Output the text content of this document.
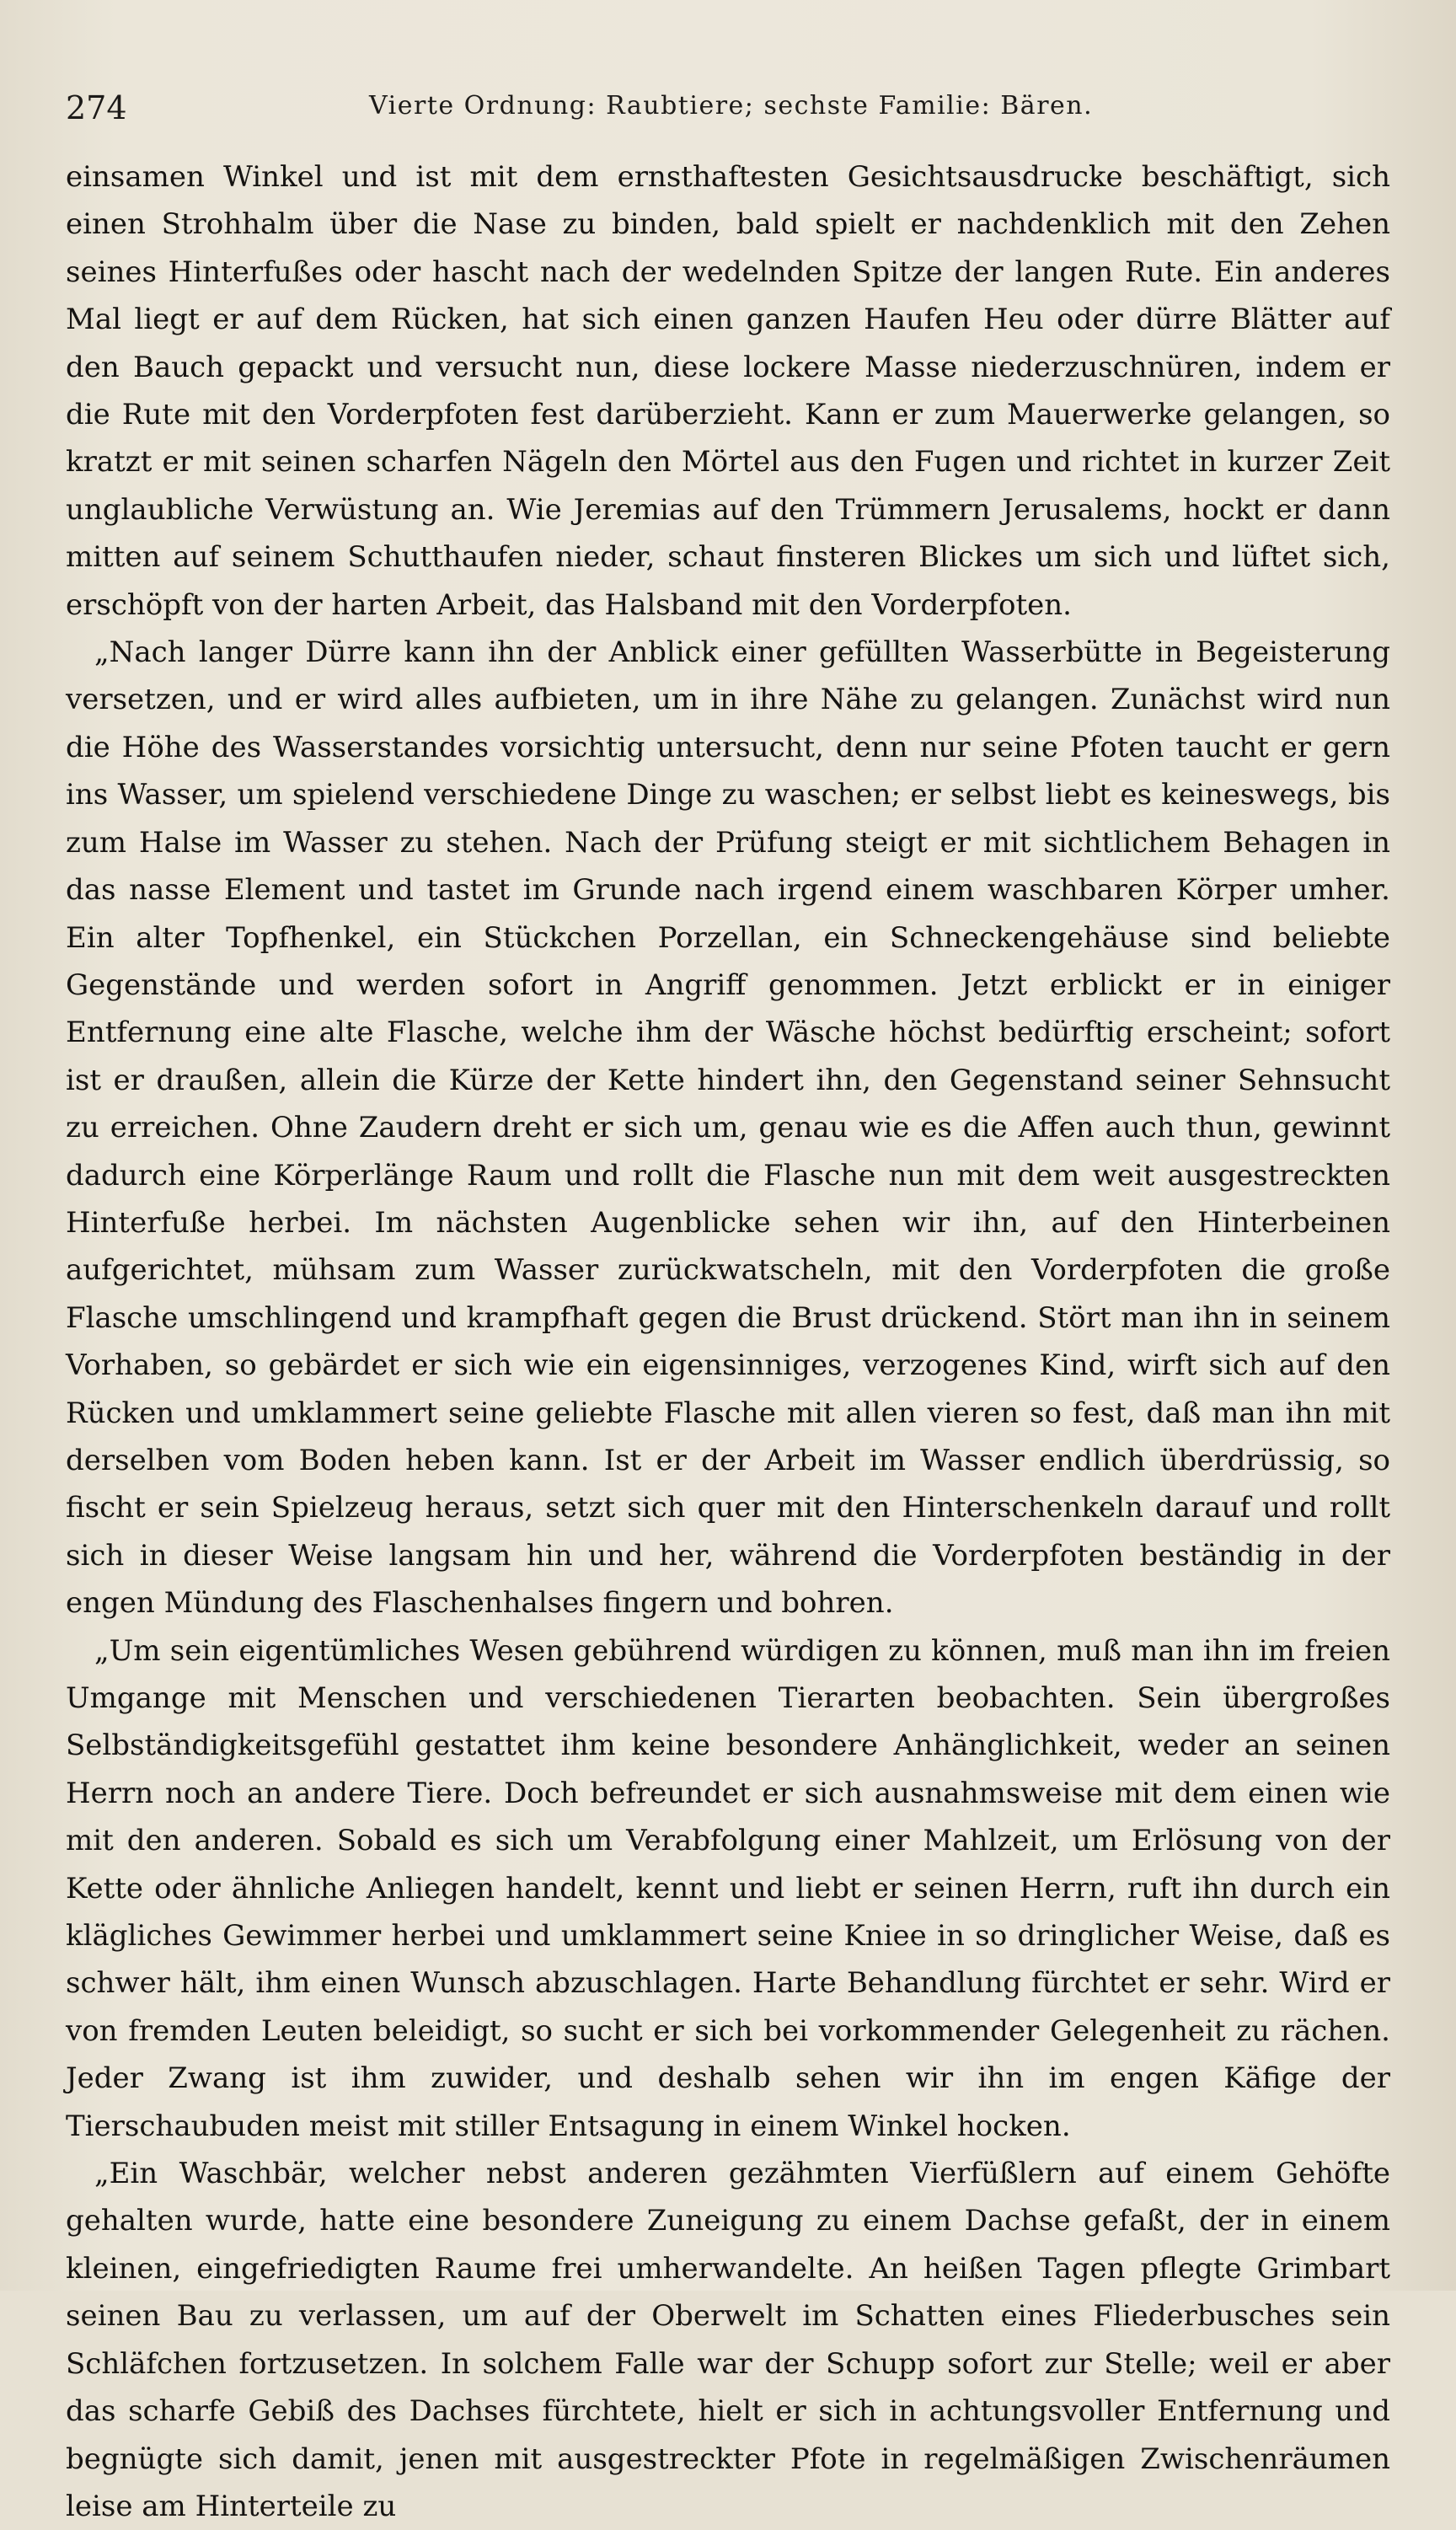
274	Vierte Ordnung: Raubtiere; sechste Familie: Bären.

einsamen Winkel und ist mit dem ernsthaftesten Gesichtsausdrucke beschäftigt, sich einen Strohhalm über die Nase zu binden, bald spielt er nachdenklich mit den Zehen seines Hinterfußes oder hascht nach der wedelnden Spitze der langen Rute. Ein anderes Mal liegt er auf dem Rücken, hat sich einen ganzen Haufen Heu oder dürre Blätter auf den Bauch gepackt und versucht nun, diese lockere Masse niederzuschnüren, indem er die Rute mit den Vorderpfoten fest darüberzieht. Kann er zum Mauerwerke gelangen, so kratzt er mit seinen scharfen Nägeln den Mörtel aus den Fugen und richtet in kurzer Zeit unglaubliche Verwüstung an. Wie Jeremias auf den Trümmern Jerusalems, hockt er dann mitten auf seinem Schutthaufen nieder, schaut finsteren Blickes um sich und lüftet sich, erschöpft von der harten Arbeit, das Halsband mit den Vorderpfoten.

„Nach langer Dürre kann ihn der Anblick einer gefüllten Wasserbütte in Begeisterung versetzen, und er wird alles aufbieten, um in ihre Nähe zu gelangen. Zunächst wird nun die Höhe des Wasserstandes vorsichtig untersucht, denn nur seine Pfoten taucht er gern ins Wasser, um spielend verschiedene Dinge zu waschen; er selbst liebt es keineswegs, bis zum Halse im Wasser zu stehen. Nach der Prüfung steigt er mit sichtlichem Behagen in das nasse Element und tastet im Grunde nach irgend einem waschbaren Körper umher. Ein alter Topfhenkel, ein Stückchen Porzellan, ein Schneckengehäuse sind beliebte Gegenstände und werden sofort in Angriff genommen. Jetzt erblickt er in einiger Entfernung eine alte Flasche, welche ihm der Wäsche höchst bedürftig erscheint; sofort ist er draußen, allein die Kürze der Kette hindert ihn, den Gegenstand seiner Sehnsucht zu erreichen. Ohne Zaudern dreht er sich um, genau wie es die Affen auch thun, gewinnt dadurch eine Körperlänge Raum und rollt die Flasche nun mit dem weit ausgestreckten Hinterfuße herbei. Im nächsten Augenblicke sehen wir ihn, auf den Hinterbeinen aufgerichtet, mühsam zum Wasser zurückwatscheln, mit den Vorderpfoten die große Flasche umschlingend und krampfhaft gegen die Brust drückend. Stört man ihn in seinem Vorhaben, so gebärdet er sich wie ein eigensinniges, verzogenes Kind, wirft sich auf den Rücken und umklammert seine geliebte Flasche mit allen vieren so fest, daß man ihn mit derselben vom Boden heben kann. Ist er der Arbeit im Wasser endlich überdrüssig, so fischt er sein Spielzeug heraus, setzt sich quer mit den Hinterschenkeln darauf und rollt sich in dieser Weise langsam hin und her, während die Vorderpfoten beständig in der engen Mündung des Flaschenhalses fingern und bohren.

„Um sein eigentümliches Wesen gebührend würdigen zu können, muß man ihn im freien Umgange mit Menschen und verschiedenen Tierarten beobachten. Sein übergroßes Selbständigkeitsgefühl gestattet ihm keine besondere Anhänglichkeit, weder an seinen Herrn noch an andere Tiere. Doch befreundet er sich ausnahmsweise mit dem einen wie mit den anderen. Sobald es sich um Verabfolgung einer Mahlzeit, um Erlösung von der Kette oder ähnliche Anliegen handelt, kennt und liebt er seinen Herrn, ruft ihn durch ein klägliches Gewimmer herbei und umklammert seine Kniee in so dringlicher Weise, daß es schwer hält, ihm einen Wunsch abzuschlagen. Harte Behandlung fürchtet er sehr. Wird er von fremden Leuten beleidigt, so sucht er sich bei vorkommender Gelegenheit zu rächen. Jeder Zwang ist ihm zuwider, und deshalb sehen wir ihn im engen Käfige der Tierschaubuden meist mit stiller Entsagung in einem Winkel hocken.

„Ein Waschbär, welcher nebst anderen gezähmten Vierfüßlern auf einem Gehöfte gehalten wurde, hatte eine besondere Zuneigung zu einem Dachse gefaßt, der in einem kleinen, eingefriedigten Raume frei umherwandelte. An heißen Tagen pflegte Grimbart seinen Bau zu verlassen, um auf der Oberwelt im Schatten eines Fliederbusches sein Schläfchen fortzusetzen. In solchem Falle war der Schupp sofort zur Stelle; weil er aber das scharfe Gebiß des Dachses fürchtete, hielt er sich in achtungsvoller Entfernung und begnügte sich damit, jenen mit ausgestreckter Pfote in regelmäßigen Zwischenräumen leise am Hinterteile zu
